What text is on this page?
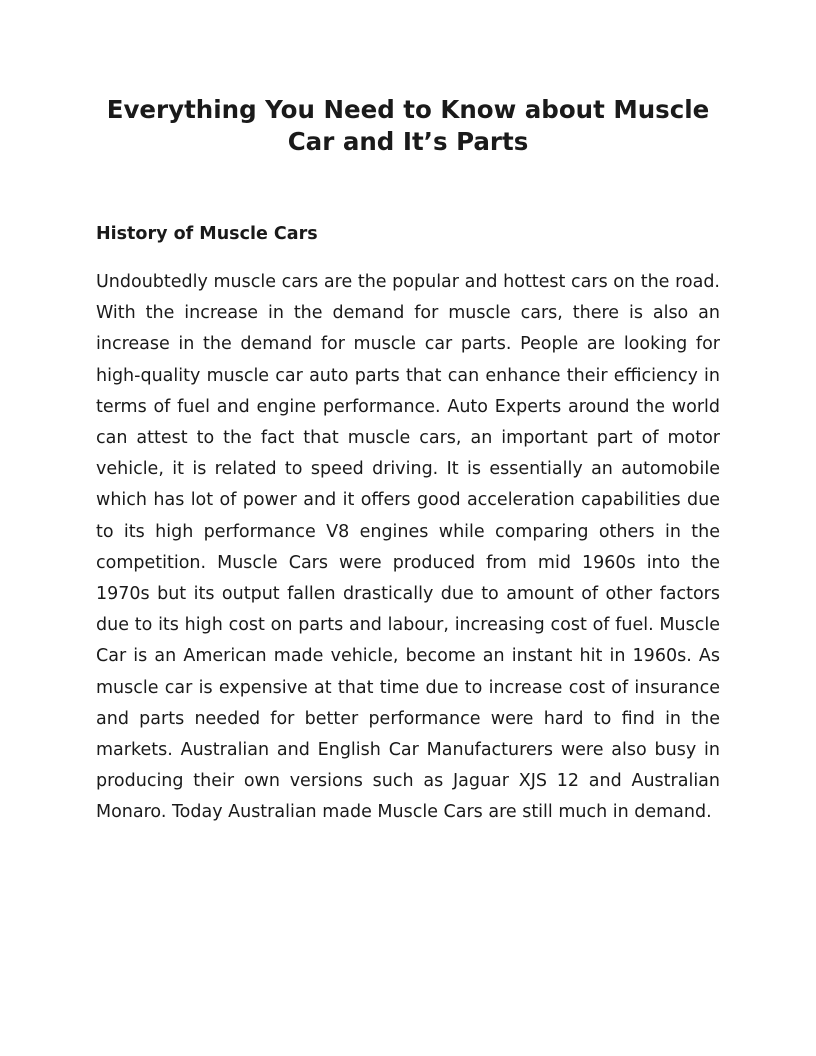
Everything You Need to Know about Muscle Car and It’s Parts
History of Muscle Cars

Undoubtedly muscle cars are the popular and hottest cars on the road. With the increase in the demand for muscle cars, there is also an increase in the demand for muscle car parts. People are looking for high-quality muscle car auto parts that can enhance their efficiency in terms of fuel and engine performance. Auto Experts around the world can attest to the fact that muscle cars, an important part of motor vehicle, it is related to speed driving. It is essentially an automobile which has lot of power and it offers good acceleration capabilities due to its high performance V8 engines while comparing others in the competition. Muscle Cars were produced from mid 1960s into the 1970s but its output fallen drastically due to amount of other factors due to its high cost on parts and labour, increasing cost of fuel. Muscle Car is an American made vehicle, become an instant hit in 1960s. As muscle car is expensive at that time due to increase cost of insurance and parts needed for better performance were hard to find in the markets. Australian and English Car Manufacturers were also busy in producing their own versions such as Jaguar XJS 12 and Australian Monaro. Today Australian made Muscle Cars are still much in demand.
